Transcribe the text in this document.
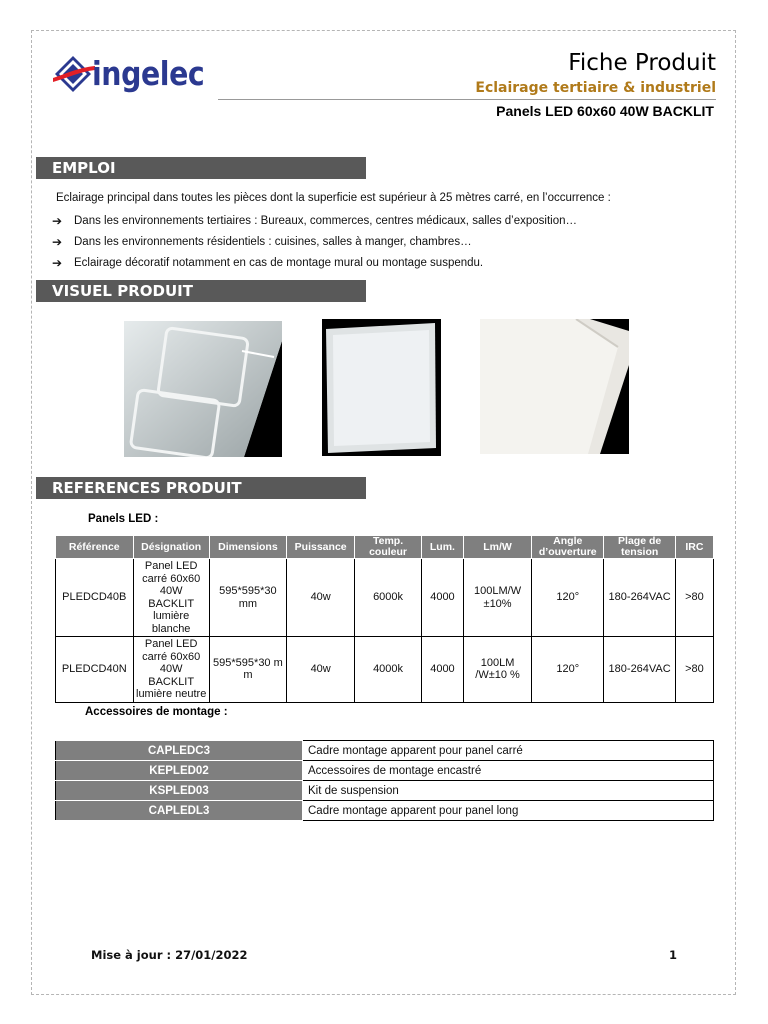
ingelec	Fiche Produit
Eclairage tertiaire & industriel
Panels LED 60x60 40W BACKLIT
EMPLOI
Eclairage principal dans toutes les pièces dont la superficie est supérieur à 25 mètres carré, en l’occurrence :
➔	Dans les environnements tertiaires : Bureaux, commerces, centres médicaux, salles d’exposition…
➔	Dans les environnements résidentiels : cuisines, salles à manger, chambres…
➔	Eclairage décoratif notamment en cas de montage mural ou montage suspendu.
VISUEL PRODUIT
REFERENCES PRODUIT
Panels LED :
Référence	Désignation	Dimensions	Puissance	Temp. couleur	Lum.	Lm/W	Angle d’ouverture	Plage de tension	IRC
PLEDCD40B	Panel LED carré 60x60 40W BACKLIT lumière blanche	595*595*30 mm	40w	6000k	4000	100LM/W ±10%	120°	180-264VAC	>80
PLEDCD40N	Panel LED carré 60x60 40W BACKLIT lumière neutre	595*595*30 m m	40w	4000k	4000	100LM /W±10 %	120°	180-264VAC	>80
Accessoires de montage :
CAPLEDC3	Cadre montage apparent pour panel carré
KEPLED02	Accessoires de montage encastré
KSPLED03	Kit de suspension
CAPLEDL3	Cadre montage apparent pour panel long
Mise à jour : 27/01/2022	1
